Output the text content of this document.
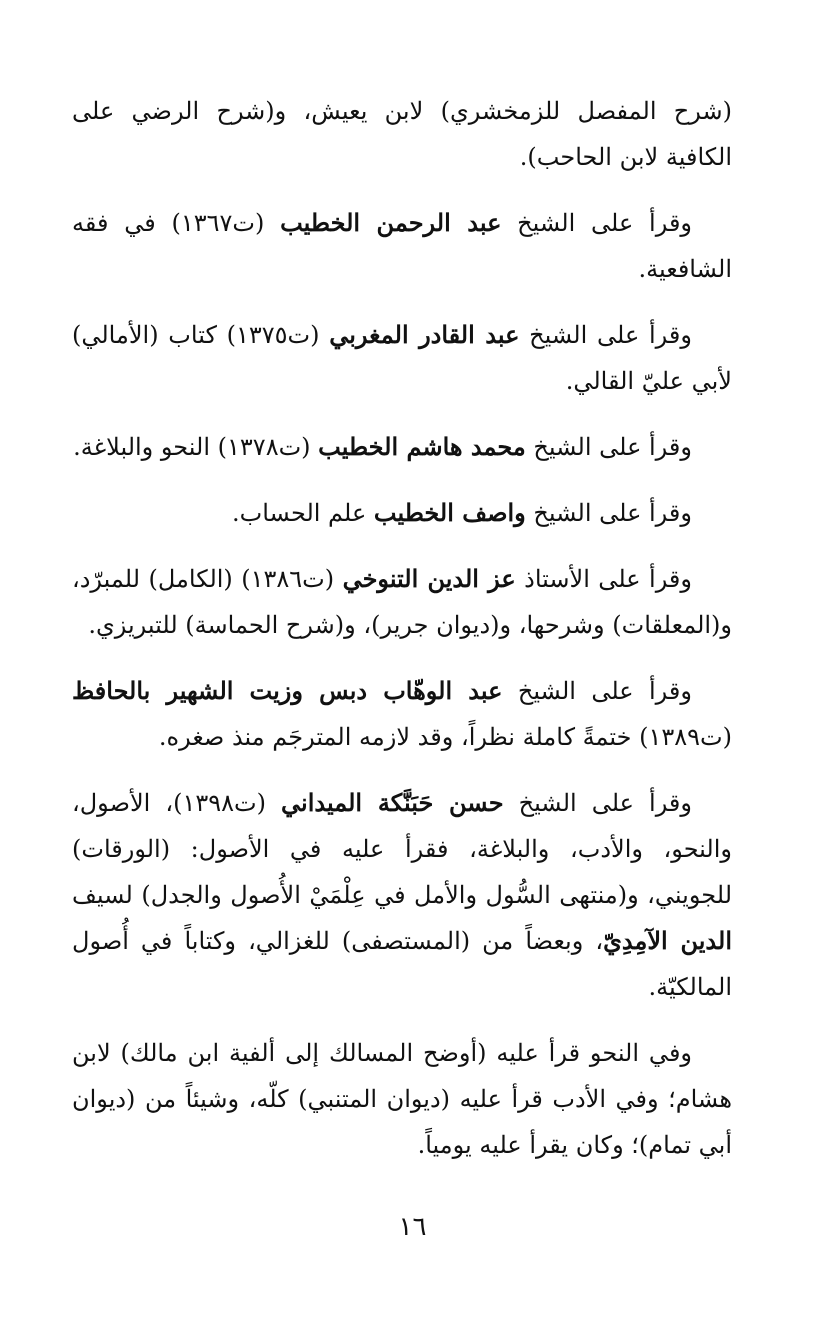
(شرح المفصل للزمخشري) لابن يعيش، و(شرح الرضي على الكافية لابن الحاحب).

وقرأ على الشيخ عبد الرحمن الخطيب (ت١٣٦٧) في فقه الشافعية.

وقرأ على الشيخ عبد القادر المغربي (ت١٣٧٥) كتاب (الأمالي) لأبي عليّ القالي.

وقرأ على الشيخ محمد هاشم الخطيب (ت١٣٧٨) النحو والبلاغة.

وقرأ على الشيخ واصف الخطيب علم الحساب.

وقرأ على الأستاذ عز الدين التنوخي (ت١٣٨٦) (الكامل) للمبرّد، و(المعلقات) وشرحها، و(ديوان جرير)، و(شرح الحماسة) للتبريزي.

وقرأ على الشيخ عبد الوهّاب دبس وزيت الشهير بالحافظ (ت١٣٨٩) ختمةً كاملة نظراً، وقد لازمه المترجَم منذ صغره.

وقرأ على الشيخ حسن حَبَنَّكة الميداني (ت١٣٩٨)، الأصول، والنحو، والأدب، والبلاغة، فقرأ عليه في الأصول: (الورقات) للجويني، و(منتهى السُّول والأمل في عِلْمَيْ الأُصول والجدل) لسيف الدين الآمِدِيّ، وبعضاً من (المستصفى) للغزالي، وكتاباً في أُصول المالكيّة.

وفي النحو قرأ عليه (أوضح المسالك إلى ألفية ابن مالك) لابن هشام؛ وفي الأدب قرأ عليه (ديوان المتنبي) كلّه، وشيئاً من (ديوان أبي تمام)؛ وكان يقرأ عليه يومياً.

١٦
